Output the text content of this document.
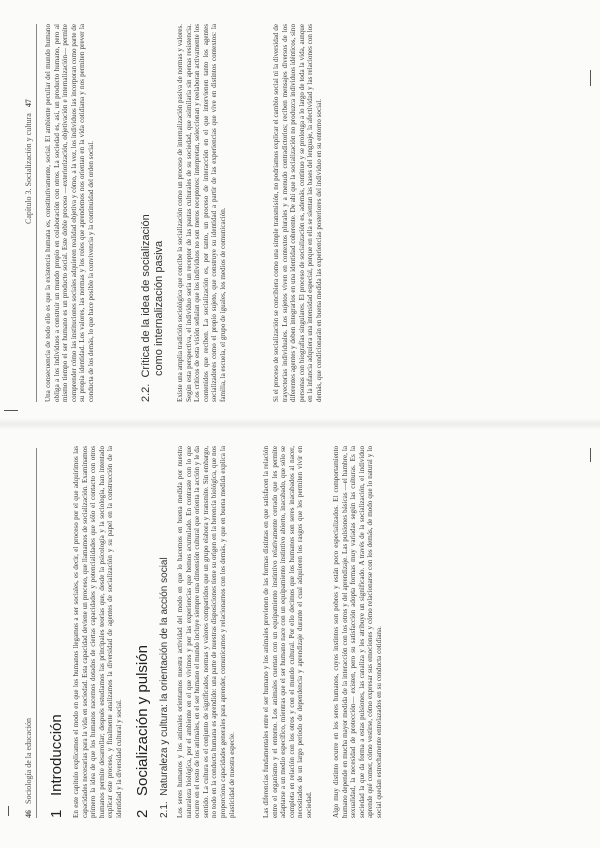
46   Sociología de la educación
1Introducción En este capítulo explicamos el modo en que los humanos llegamos a ser sociales, es decir, el proceso por el que adquirimos las capacidades necesarias para la vida en sociedad. Esta capacidad deviene un proceso, que llamamos de socialización. Examinamos primero la idea de que los humanos nacemos dotados de ciertas capacidades y potencialidades que sólo el contacto con otros humanos permite desarrollar; después estudiamos las principales teorías que, desde la psicología y la sociología, han intentado explicar este proceso, y finalmente analizamos la diversidad de agentes de socialización y su papel en la construcción de la identidad y la diversidad cultural y social. 2Socialización y pulsión
2.1.  Naturaleza y cultura: la orientación de la acción social Los seres humanos y los animales orientamos nuestra actividad del modo en que lo hacemos en buena medida por nuestra naturaleza biológica, por el ambiente en el que vivimos y por las experiencias que hemos acumulado. En contraste con lo que ocurre en el resto de los animales, en el ser humano el mundo incluye siempre una dimensión cultural que orienta la acción y le da sentido. La cultura es el conjunto de significados, normas y valores compartidos que un grupo elabora y transmite. Sin embargo, no todo en la conducta humana es aprendido: una parte de nuestras disposiciones tiene su origen en la herencia biológica, que nos proporciona capacidades generales para aprender, comunicarnos y relacionarnos con los demás, y que en buena medida explica la plasticidad de nuestra especie.	Las diferencias fundamentales entre el ser humano y los animales provienen de las formas distintas en que satisfacen la relación entre el organismo y el entorno. Los animales cuentan con un equipamiento instintivo relativamente cerrado que les permite adaptarse a un medio específico, mientras que el ser humano nace con un equipamiento instintivo abierto, inacabado, que sólo se completa en relación con los otros y con el mundo cultural. Por ello decimos que los humanos son seres inacabados al nacer, necesitados de un largo período de dependencia y aprendizaje durante el cual adquieren los rasgos que les permiten vivir en sociedad.	Algo muy distinto ocurre en los seres humanos, cuyos instintos son pobres y están poco especializados. El comportamiento humano depende en mucha mayor medida de la interacción con los otros y del aprendizaje. Las pulsiones básicas —el hambre, la sexualidad, la necesidad de protección— existen, pero su satisfacción adopta formas muy variadas según las culturas. Es la sociedad la que da forma a estas pulsiones, las canaliza y les atribuye un significado. A través de la socialización, el individuo aprende qué comer, cómo vestirse, cómo expresar sus emociones y cómo relacionarse con los demás, de modo que lo natural y lo social quedan estrechamente entrelazados en su conducta cotidiana.
Capítulo 3. Socialización y cultura   47 Una consecuencia de todo ello es que la existencia humana es, constitutivamente, social. El ambiente peculiar del mundo humano obliga a los individuos a construir un mundo propio en colaboración con otros. La sociedad es, así, un producto humano, pero al mismo tiempo el ser humano es un producto social. Este doble proceso —exteriorización, objetivación e internalización— permite comprender cómo las instituciones sociales adquieren realidad objetiva y cómo, a la vez, los individuos las incorporan como parte de su propia identidad. Los valores, las normas y los roles que aprendemos nos orientan en la vida cotidiana y nos permiten prever la conducta de los demás, lo que hace posible la convivencia y la continuidad del orden social.	2.2.  Crítica de la idea de socialización
como internalización pasiva Existe una amplia tradición sociológica que concibe la socialización como un proceso de internalización pasiva de normas y valores. Según esta perspectiva, el individuo sería un receptor de las pautas culturales de su sociedad, que asimilaría sin apenas resistencia. Los críticos de esta visión señalan que los individuos no son meros receptores: interpretan, seleccionan y reelaboran activamente los contenidos que reciben. La socialización es, por tanto, un proceso de interacción en el que intervienen tanto los agentes socializadores como el propio sujeto, que construye su identidad a partir de las experiencias que vive en distintos contextos: la familia, la escuela, el grupo de iguales, los medios de comunicación.	Si el proceso de socialización se concibiera como una simple transmisión, no podríamos explicar el cambio social ni la diversidad de trayectorias individuales. Los sujetos viven en contextos plurales y a menudo contradictorios; reciben mensajes diversos de los diferentes agentes y deben integrarlos en una identidad coherente. De ahí que la socialización no produzca individuos idénticos, sino personas con biografías singulares. El proceso de socialización es, además, continuo y se prolonga a lo largo de toda la vida, aunque en la infancia adquiera una intensidad especial, porque en ella se sientan las bases del lenguaje, la afectividad y las relaciones con los demás, que condicionarán en buena medida las experiencias posteriores del individuo en su entorno social.
